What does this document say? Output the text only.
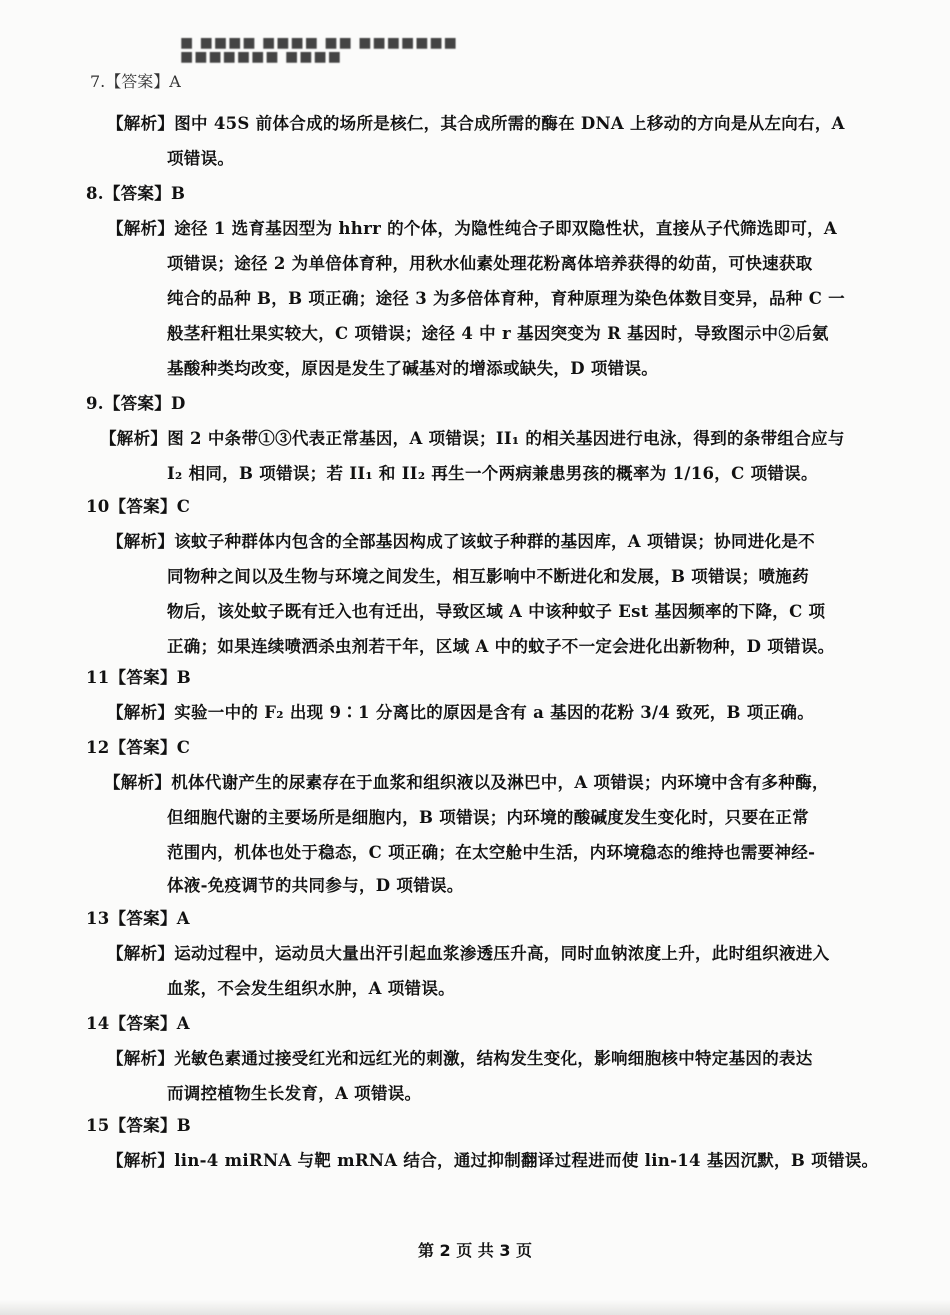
■ ■■■■ ■■■■ ■■ ■■■■■■■ ■■■■■■■ ■■■■
7.【答案】A
【解析】图中 45S 前体合成的场所是核仁，其合成所需的酶在 DNA 上移动的方向是从左向右，A
项错误。
8.【答案】B
【解析】途径 1 选育基因型为 hhrr 的个体，为隐性纯合子即双隐性状，直接从子代筛选即可，A
项错误；途径 2 为单倍体育种，用秋水仙素处理花粉离体培养获得的幼苗，可快速获取
纯合的品种 B，B 项正确；途径 3 为多倍体育种，育种原理为染色体数目变异，品种 C 一
般茎秆粗壮果实较大，C 项错误；途径 4 中 r 基因突变为 R 基因时，导致图示中②后氨
基酸种类均改变，原因是发生了碱基对的增添或缺失，D 项错误。
9.【答案】D
【解析】图 2 中条带①③代表正常基因，A 项错误；II₁ 的相关基因进行电泳，得到的条带组合应与
I₂ 相同，B 项错误；若 II₁ 和 II₂ 再生一个两病兼患男孩的概率为 1/16，C 项错误。
10【答案】C
【解析】该蚊子种群体内包含的全部基因构成了该蚊子种群的基因库，A 项错误；协同进化是不
同物种之间以及生物与环境之间发生，相互影响中不断进化和发展，B 项错误；喷施药
物后，该处蚊子既有迁入也有迁出，导致区域 A 中该种蚊子 Est 基因频率的下降，C 项
正确；如果连续喷洒杀虫剂若干年，区域 A 中的蚊子不一定会进化出新物种，D 项错误。
11【答案】B
【解析】实验一中的 F₂ 出现 9∶1 分离比的原因是含有 a 基因的花粉 3/4 致死，B 项正确。
12【答案】C
【解析】机体代谢产生的尿素存在于血浆和组织液以及淋巴中，A 项错误；内环境中含有多种酶，
但细胞代谢的主要场所是细胞内，B 项错误；内环境的酸碱度发生变化时，只要在正常
范围内，机体也处于稳态，C 项正确；在太空舱中生活，内环境稳态的维持也需要神经-
体液-免疫调节的共同参与，D 项错误。
13【答案】A
【解析】运动过程中，运动员大量出汗引起血浆渗透压升高，同时血钠浓度上升，此时组织液进入
血浆，不会发生组织水肿，A 项错误。
14【答案】A
【解析】光敏色素通过接受红光和远红光的刺激，结构发生变化，影响细胞核中特定基因的表达
而调控植物生长发育，A 项错误。
15【答案】B
【解析】lin-4 miRNA 与靶 mRNA 结合，通过抑制翻译过程进而使 lin-14 基因沉默，B 项错误。
第 2 页 共 3 页
